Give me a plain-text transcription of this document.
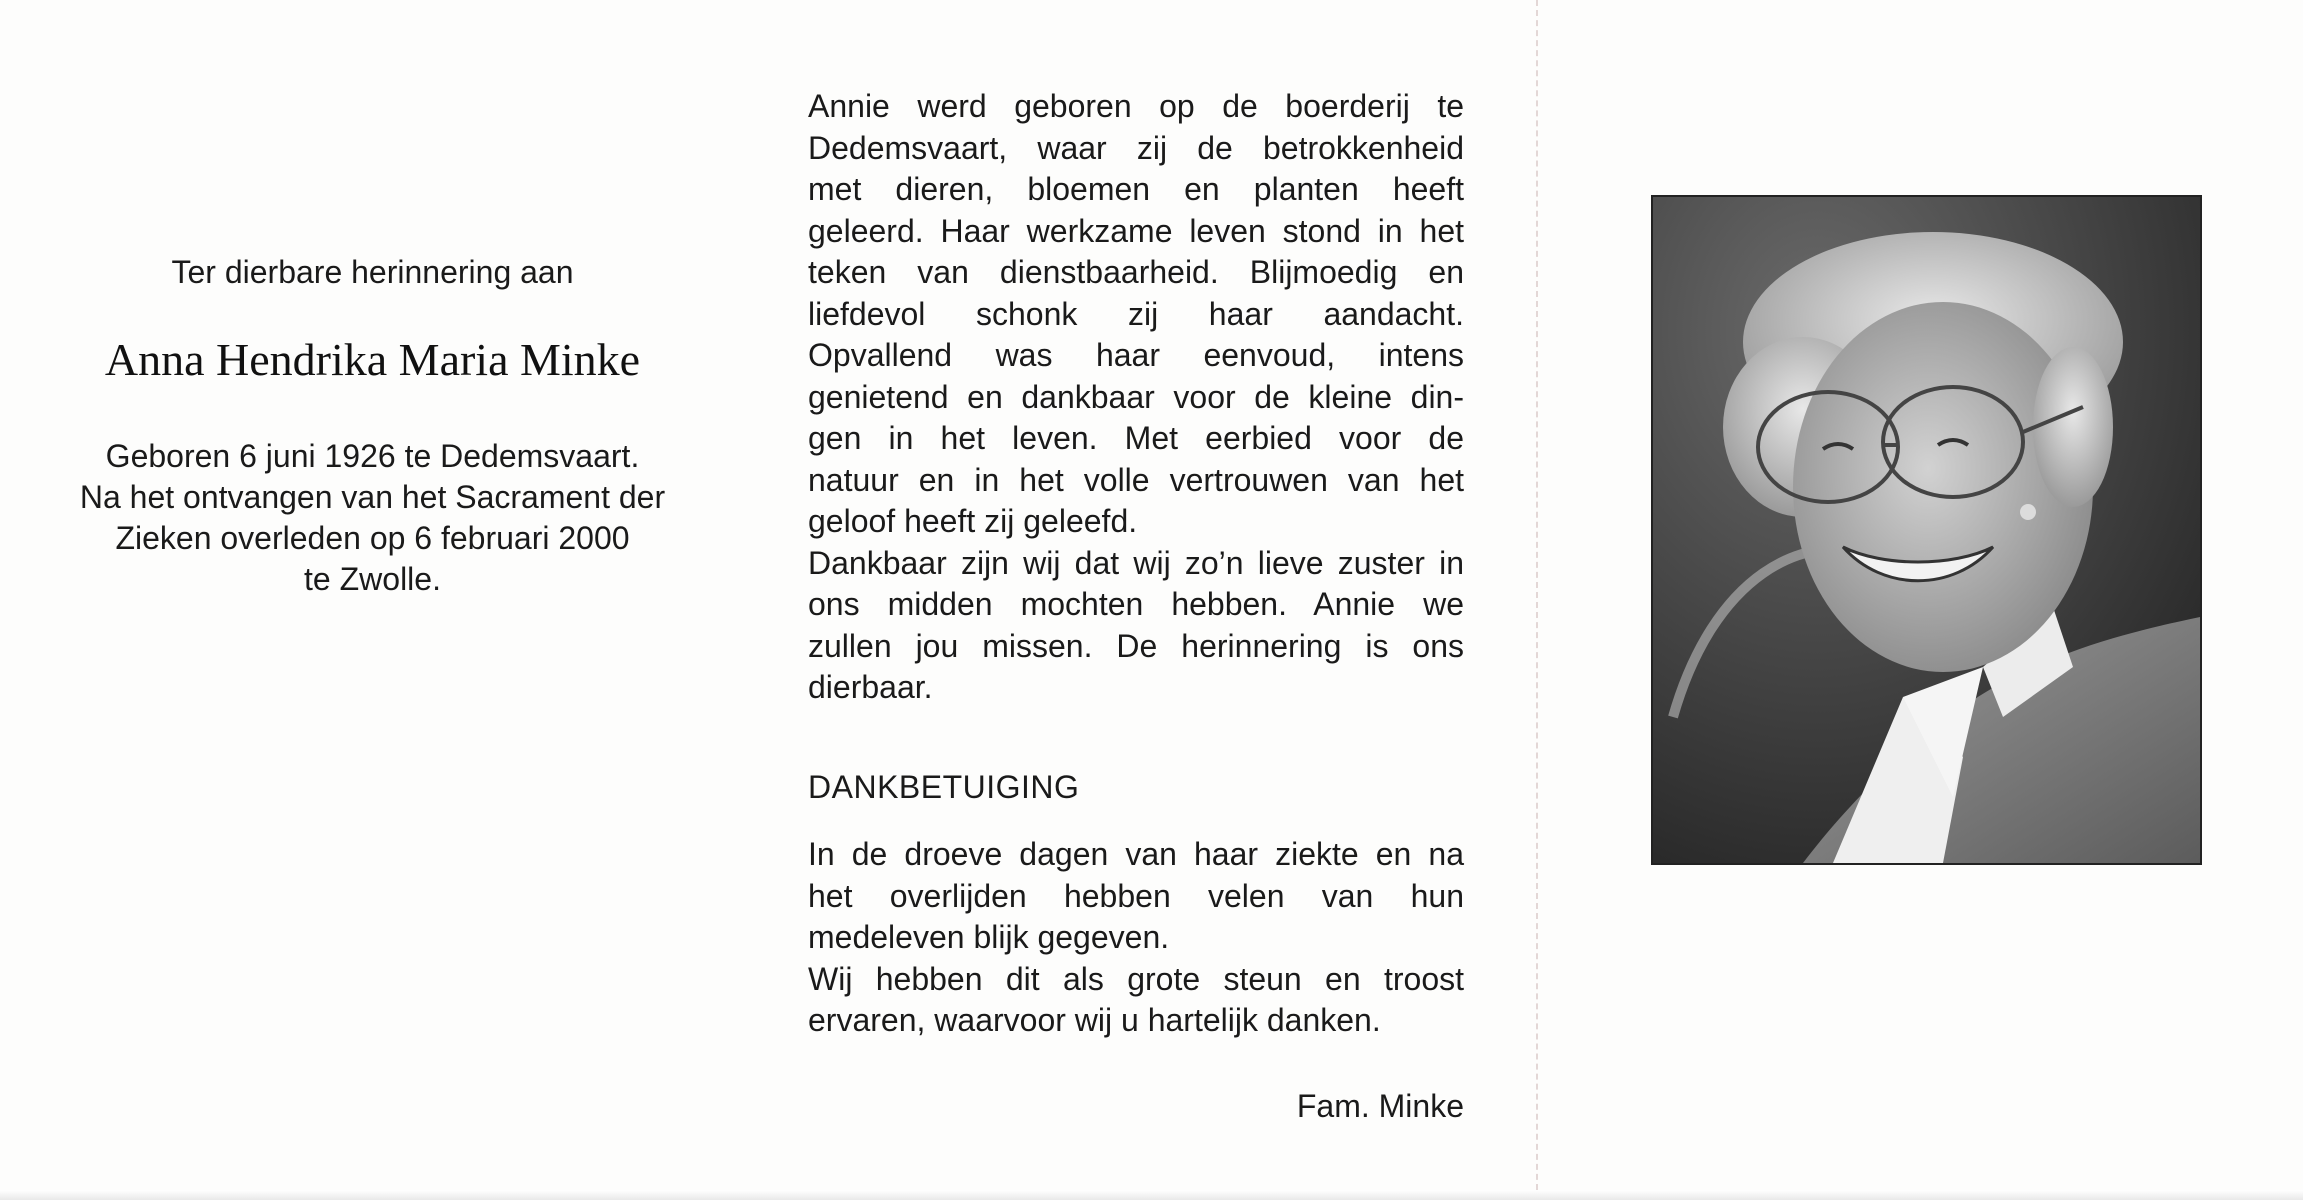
Ter dierbare herinnering aan
Anna Hendrika Maria Minke
Geboren 6 juni 1926 te Dedemsvaart.
Na het ontvangen van het Sacrament der
Zieken overleden op 6 februari 2000
te Zwolle.
Annie werd geboren op de boerderij te
Dedemsvaart, waar zij de betrokkenheid
met dieren, bloemen en planten heeft
geleerd. Haar werkzame leven stond in het
teken van dienstbaarheid. Blijmoedig en
liefdevol schonk zij haar aandacht.
Opvallend was haar eenvoud, intens
genietend en dankbaar voor de kleine din-
gen in het leven. Met eerbied voor de
natuur en in het volle vertrouwen van het
geloof heeft zij geleefd.
Dankbaar zijn wij dat wij zo’n lieve zuster in
ons midden mochten hebben. Annie we
zullen jou missen. De herinnering is ons
dierbaar.
DANKBETUIGING
In de droeve dagen van haar ziekte en na
het overlijden hebben velen van hun
medeleven blijk gegeven.
Wij hebben dit als grote steun en troost
ervaren, waarvoor wij u hartelijk danken.
Fam. Minke
